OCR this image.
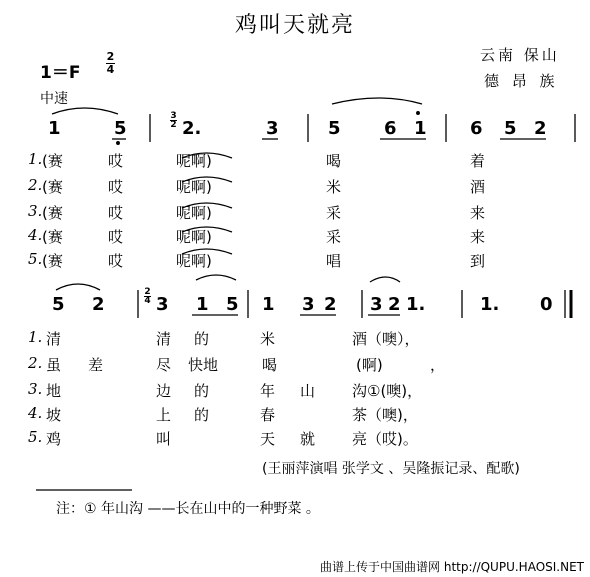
鸡叫天就亮
云南 保山
德 昂 族
1＝F
2
4
中速
1	5
3
2 2.	3	5 6 1 6 5 2
1. (赛	哎	呢啊)	喝	着
2. (赛	哎	呢啊)	米	酒
3. (赛	哎	呢啊)	采	来
4. (赛	哎	呢啊)	采	来
5. (赛	哎	呢啊)	唱	到
5 2
2
4 3 1 5 1 3 2 3 2 1.	1. 0
1. 清	清 的	米	酒（噢），
2. 虽 差	尽 快地	喝	(啊)	，
3. 地	边 的	年 山 沟①(噢)，
4. 坡	上 的	春	茶（噢)，
5. 鸡	叫	天 就 亮（哎)。
(王丽萍演唱 张学文 、吴隆振记录、配歌)
注：① 年山沟 ——长在山中的一种野菜 。
曲谱上传于中国曲谱网 http://QUPU.HAOSI.NET
